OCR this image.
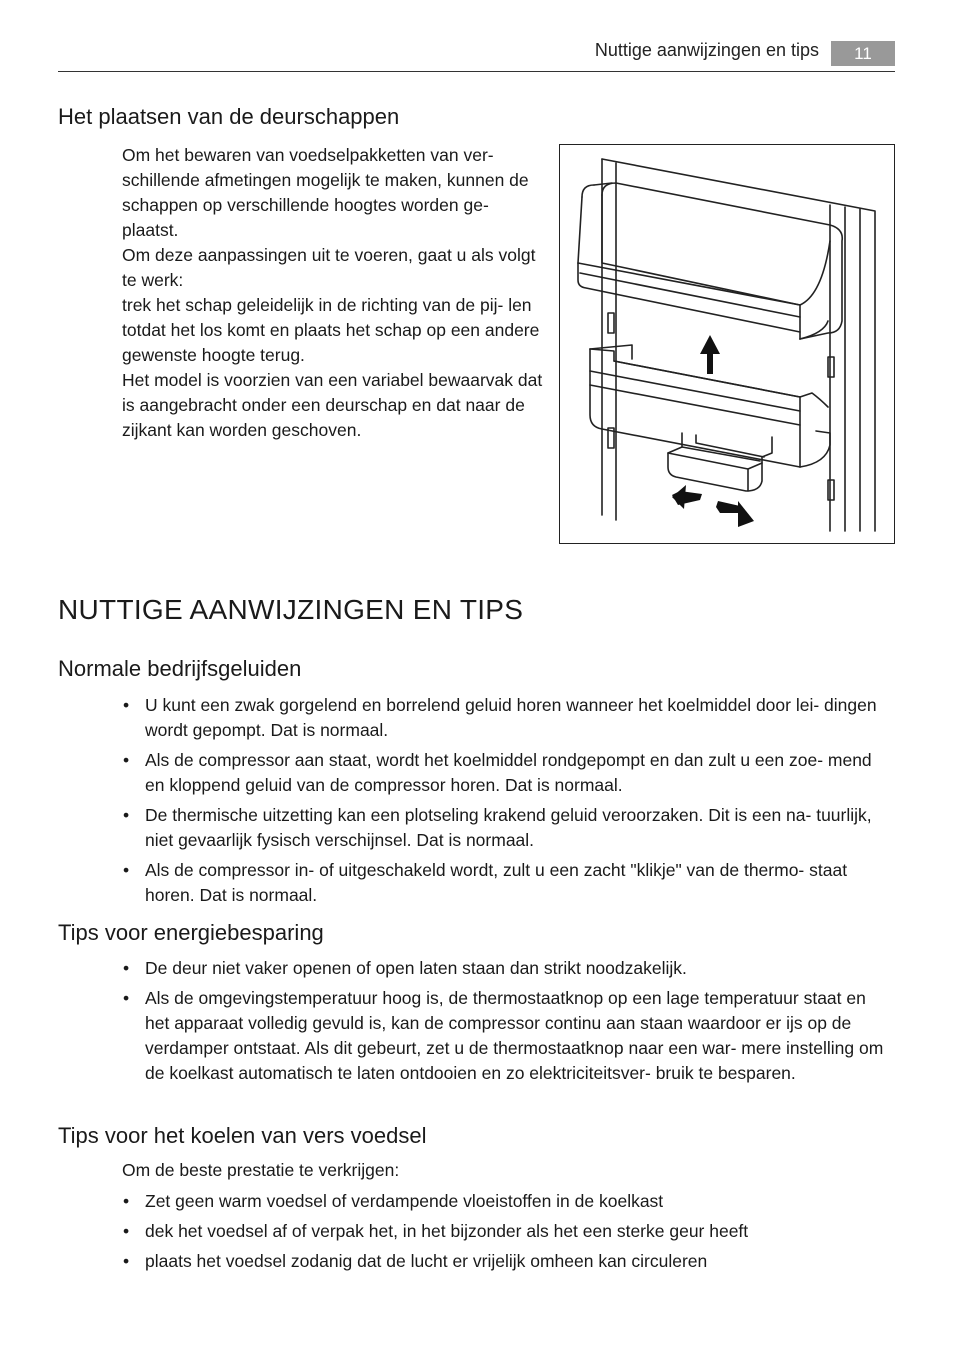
Nuttige aanwijzingen en tips	11
Het plaatsen van de deurschappen

Om het bewaren van voedselpakketten van ver- schillende afmetingen mogelijk te maken, kunnen de schappen op verschillende hoogtes worden ge- plaatst.

Om deze aanpassingen uit te voeren, gaat u als volgt te werk:

trek het schap geleidelijk in de richting van de pij- len totdat het los komt en plaats het schap op een andere gewenste hoogte terug.

Het model is voorzien van een variabel bewaarvak dat is aangebracht onder een deurschap en dat naar de zijkant kan worden geschoven.

NUTTIGE AANWIJZINGEN EN TIPS
Normale bedrijfsgeluiden
• U kunt een zwak gorgelend en borrelend geluid horen wanneer het koelmiddel door lei- dingen wordt gepompt. Dat is normaal.
• Als de compressor aan staat, wordt het koelmiddel rondgepompt en dan zult u een zoe- mend en kloppend geluid van de compressor horen. Dat is normaal.
• De thermische uitzetting kan een plotseling krakend geluid veroorzaken. Dit is een na- tuurlijk, niet gevaarlijk fysisch verschijnsel. Dat is normaal.
• Als de compressor in- of uitgeschakeld wordt, zult u een zacht "klikje" van de thermo- staat horen. Dat is normaal.
Tips voor energiebesparing
• De deur niet vaker openen of open laten staan dan strikt noodzakelijk.
• Als de omgevingstemperatuur hoog is, de thermostaatknop op een lage temperatuur staat en het apparaat volledig gevuld is, kan de compressor continu aan staan waardoor er ijs op de verdamper ontstaat. Als dit gebeurt, zet u de thermostaatknop naar een war- mere instelling om de koelkast automatisch te laten ontdooien en zo elektriciteitsver- bruik te besparen.
Tips voor het koelen van vers voedsel

Om de beste prestatie te verkrijgen:

• Zet geen warm voedsel of verdampende vloeistoffen in de koelkast
• dek het voedsel af of verpak het, in het bijzonder als het een sterke geur heeft
• plaats het voedsel zodanig dat de lucht er vrijelijk omheen kan circuleren
